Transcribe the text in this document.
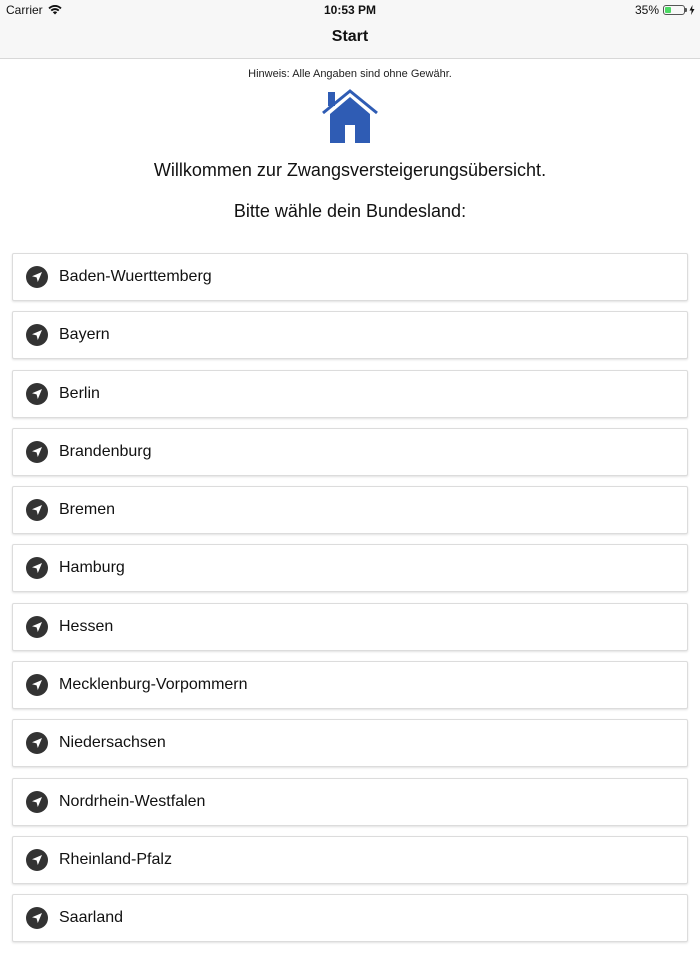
Carrier	10:53 PM	35%
Start
Hinweis: Alle Angaben sind ohne Gewähr.
Willkommen zur Zwangsversteigerungsübersicht.
Bitte wähle dein Bundesland:
Baden-Wuerttemberg
Bayern
Berlin
Brandenburg
Bremen
Hamburg
Hessen
Mecklenburg-Vorpommern
Niedersachsen
Nordrhein-Westfalen
Rheinland-Pfalz
Saarland
